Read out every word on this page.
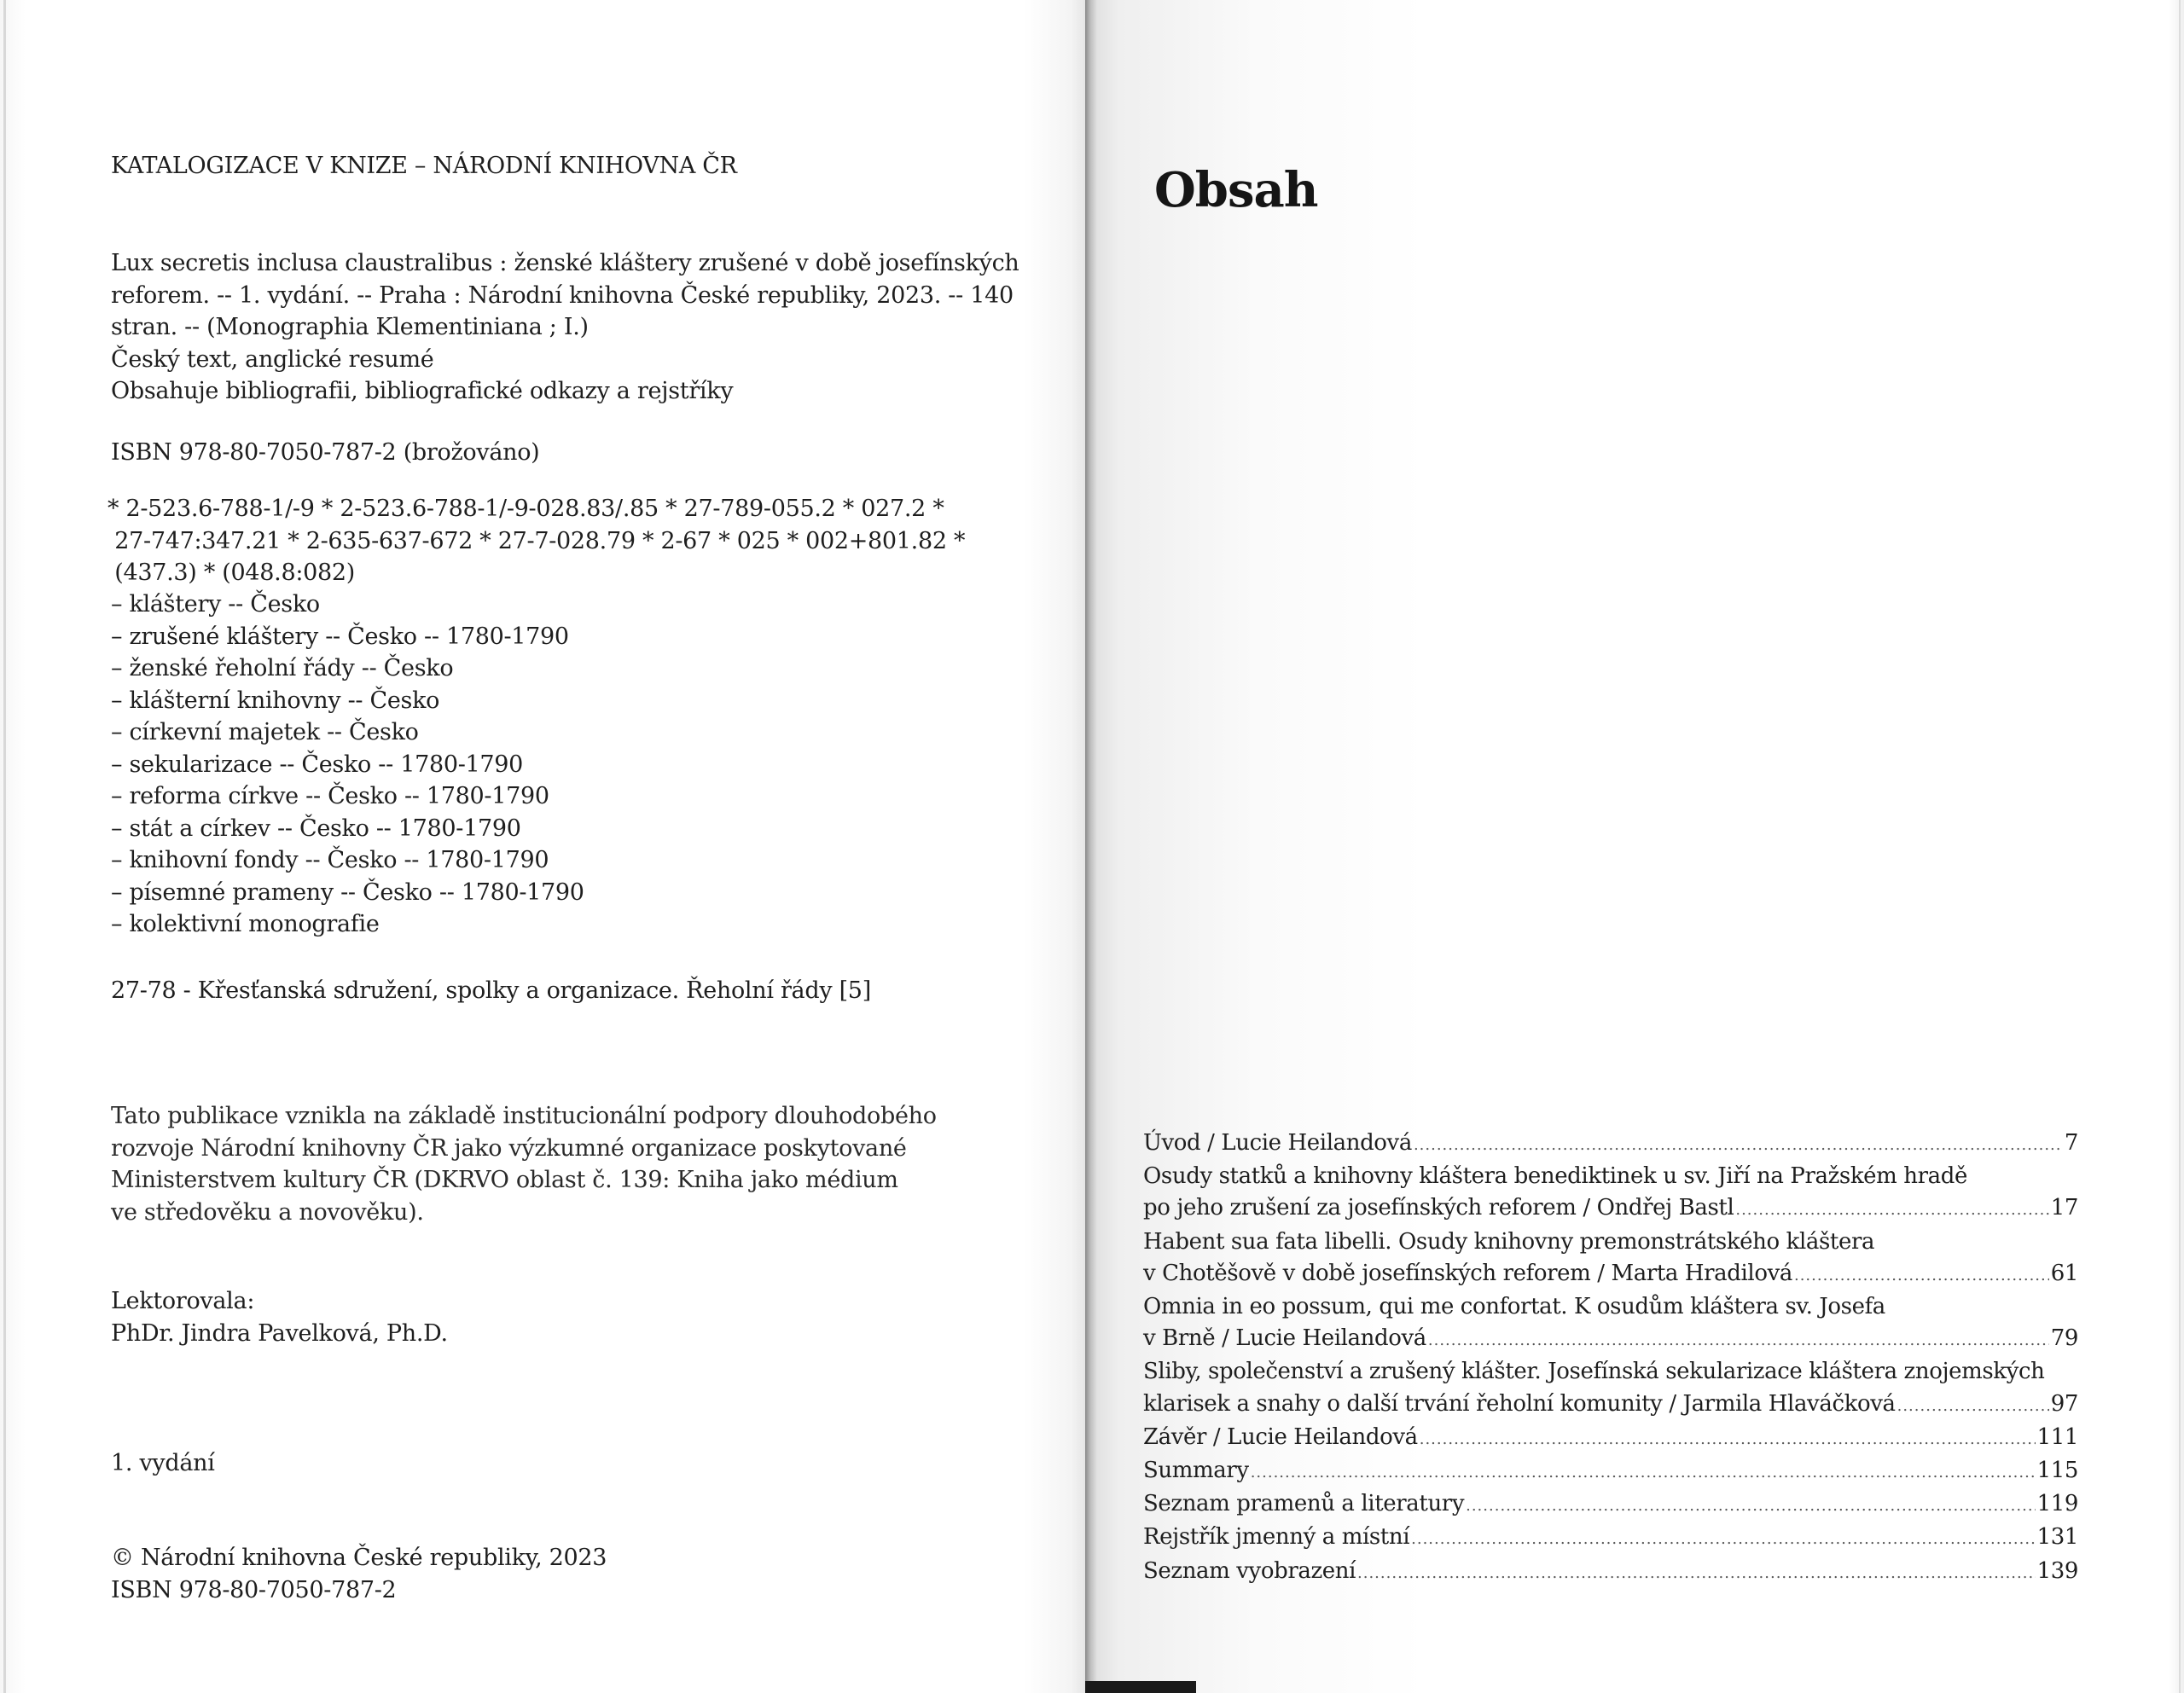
KATALOGIZACE V KNIZE – NÁRODNÍ KNIHOVNA ČR
Lux secretis inclusa claustralibus : ženské kláštery zrušené v době josefínských
reforem. -- 1. vydání. -- Praha : Národní knihovna České republiky, 2023. -- 140
stran. -- (Monographia Klementiniana ; I.)
Český text, anglické resumé
Obsahuje bibliografii, bibliografické odkazy a rejstříky
ISBN 978-80-7050-787-2 (brožováno)
* 2-523.6-788-1/-9 * 2-523.6-788-1/-9-028.83/.85 * 27-789-055.2 * 027.2 *
27-747:347.21 * 2-635-637-672 * 27-7-028.79 * 2-67 * 025 * 002+801.82 *
(437.3) * (048.8:082)
– kláštery -- Česko
– zrušené kláštery -- Česko -- 1780-1790
– ženské řeholní řády -- Česko
– klášterní knihovny -- Česko
– církevní majetek -- Česko
– sekularizace -- Česko -- 1780-1790
– reforma církve -- Česko -- 1780-1790
– stát a církev -- Česko -- 1780-1790
– knihovní fondy -- Česko -- 1780-1790
– písemné prameny -- Česko -- 1780-1790
– kolektivní monografie
27-78 - Křesťanská sdružení, spolky a organizace. Řeholní řády [5]
Tato publikace vznikla na základě institucionální podpory dlouhodobého
rozvoje Národní knihovny ČR jako výzkumné organizace poskytované
Ministerstvem kultury ČR (DKRVO oblast č. 139: Kniha jako médium
ve středověku a novověku).
Lektorovala:
PhDr. Jindra Pavelková, Ph.D.
1. vydání
© Národní knihovna České republiky, 2023
ISBN 978-80-7050-787-2
Obsah
Úvod / Lucie Heilandová .....	7
Osudy statků a knihovny kláštera benediktinek u sv. Jiří na Pražském hradě
po jeho zrušení za josefínských reforem / Ondřej Bastl .....	17
Habent sua fata libelli. Osudy knihovny premonstrátského kláštera
v Chotěšově v době josefínských reforem / Marta Hradilová .....	61
Omnia in eo possum, qui me confortat. K osudům kláštera sv. Josefa
v Brně / Lucie Heilandová .....	79
Sliby, společenství a zrušený klášter. Josefínská sekularizace kláštera znojemských
klarisek a snahy o další trvání řeholní komunity / Jarmila Hlaváčková .....	97
Závěr / Lucie Heilandová .....	111
Summary .....	115
Seznam pramenů a literatury .....	119
Rejstřík jmenný a místní .....	131
Seznam vyobrazení .....	139
